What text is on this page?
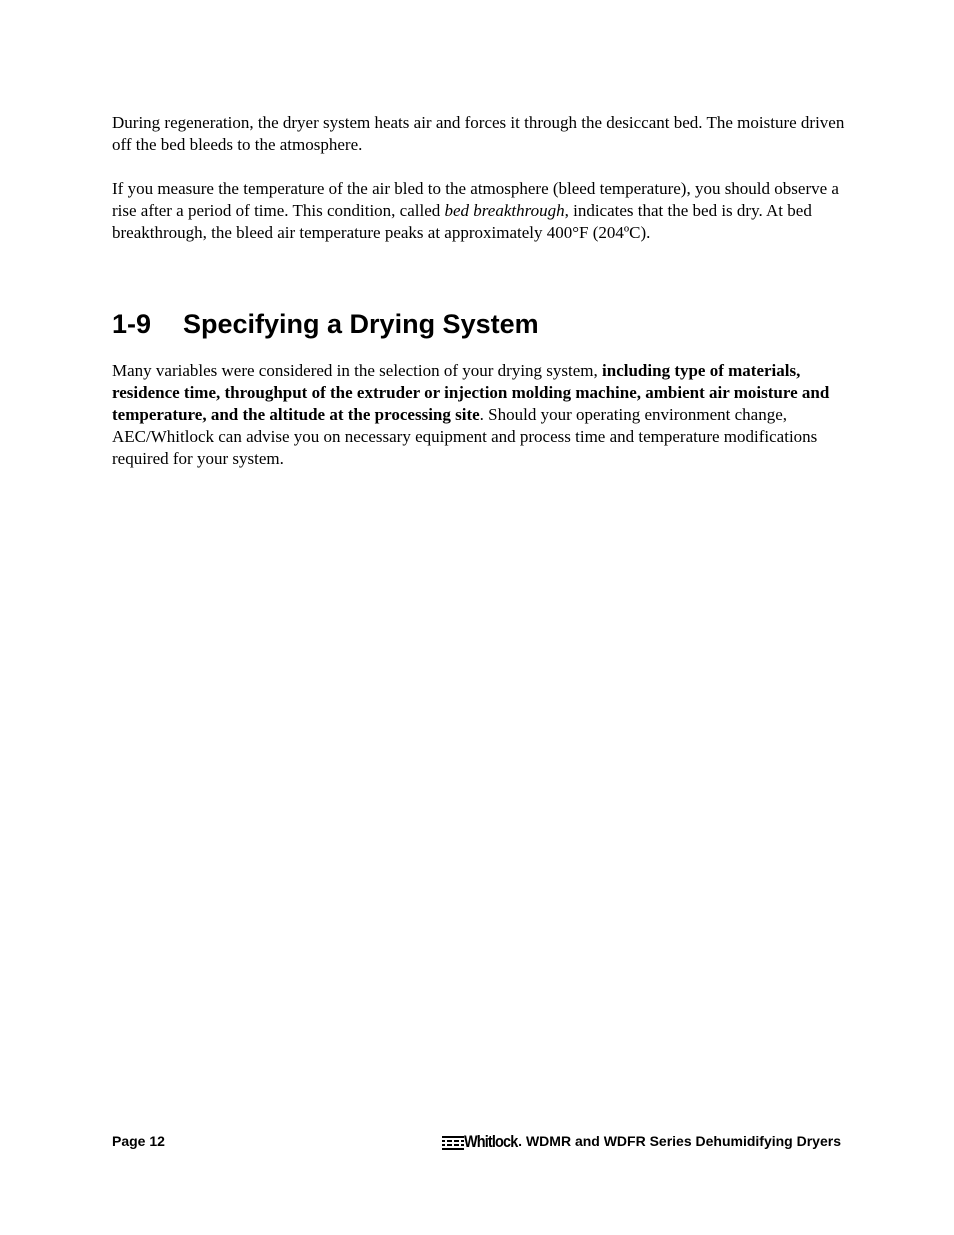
During regeneration, the dryer system heats air and forces it through the desiccant bed. The moisture driven off the bed bleeds to the atmosphere.

If you measure the temperature of the air bled to the atmosphere (bleed temperature), you should observe a rise after a period of time. This condition, called bed breakthrough, indicates that the bed is dry. At bed breakthrough, the bleed air temperature peaks at approximately 400°F (204ºC).

1-9 Specifying a Drying System

Many variables were considered in the selection of your drying system, including type of materials, residence time, throughput of the extruder or injection molding machine, ambient air moisture and temperature, and the altitude at the processing site. Should your operating environment change, AEC/Whitlock can advise you on necessary equipment and process time and temperature modifications required for your system.

Page 12	Whitlock . WDMR and WDFR Series Dehumidifying Dryers
